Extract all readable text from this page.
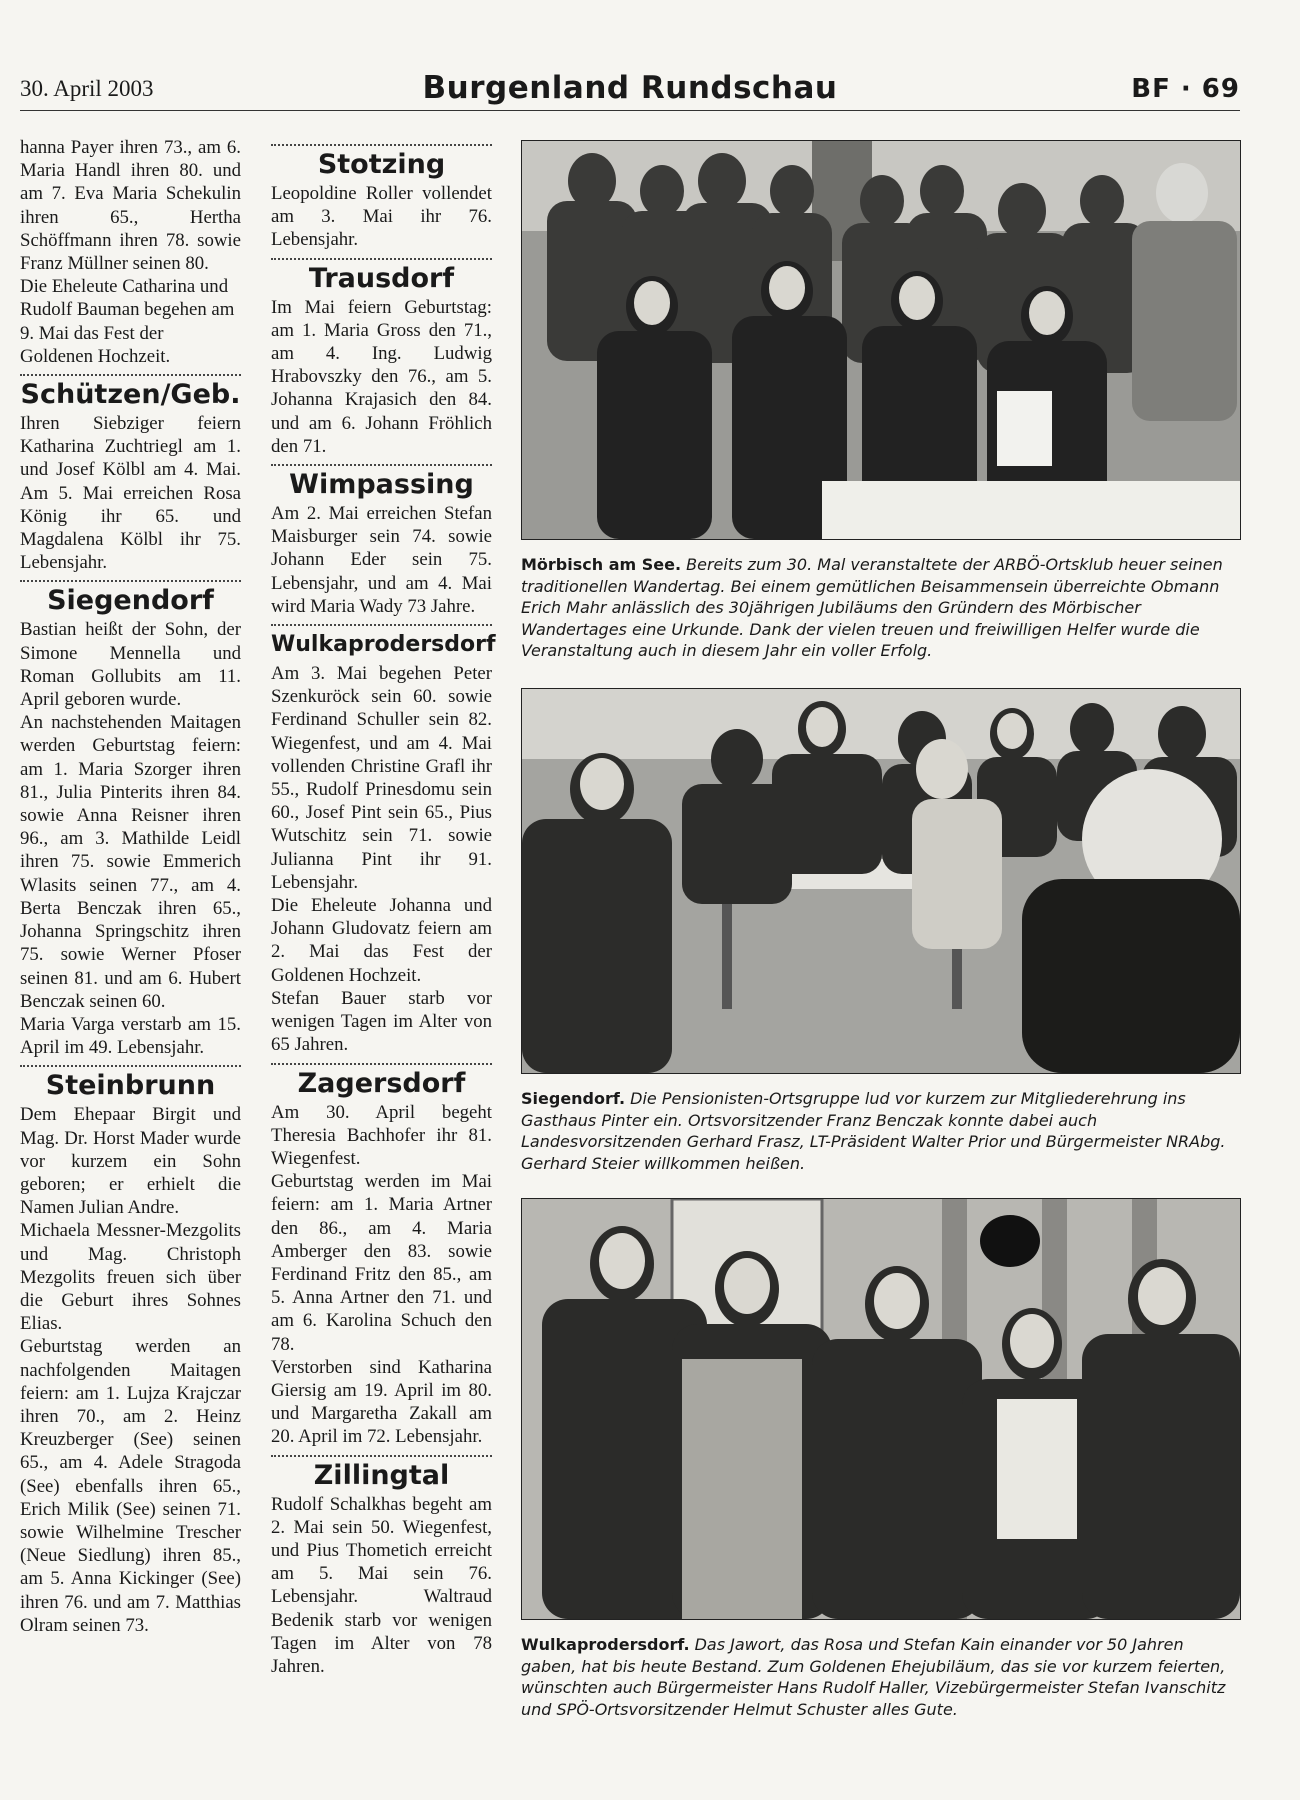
30. April 2003	Burgenland Rundschau	BF · 69

hanna Payer ihren 73., am 6. Maria Handl ihren 80. und am 7. Eva Maria Schekulin ihren 65., Hertha Schöffmann ihren 78. sowie Franz Müllner seinen 80.

Die Eheleute Catharina und Rudolf Bauman begehen am 9. Mai das Fest der Goldenen Hochzeit.

Schützen/Geb.

Ihren Siebziger feiern Katharina Zuchtriegl am 1. und Josef Kölbl am 4. Mai. Am 5. Mai erreichen Rosa König ihr 65. und Magdalena Kölbl ihr 75. Lebensjahr.

Siegendorf

Bastian heißt der Sohn, der Simone Mennella und Roman Gollubits am 11. April geboren wurde.

An nachstehenden Maitagen werden Geburtstag feiern: am 1. Maria Szorger ihren 81., Julia Pinterits ihren 84. sowie Anna Reisner ihren 96., am 3. Mathilde Leidl ihren 75. sowie Emmerich Wlasits seinen 77., am 4. Berta Benczak ihren 65., Johanna Springschitz ihren 75. sowie Werner Pfoser seinen 81. und am 6. Hubert Benczak seinen 60.

Maria Varga verstarb am 15. April im 49. Lebensjahr.

Steinbrunn

Dem Ehepaar Birgit und Mag. Dr. Horst Mader wurde vor kurzem ein Sohn geboren; er erhielt die Namen Julian Andre.

Michaela Messner-Mezgolits und Mag. Christoph Mezgolits freuen sich über die Geburt ihres Sohnes Elias.

Geburtstag werden an nachfolgenden Maitagen feiern: am 1. Lujza Krajczar ihren 70., am 2. Heinz Kreuzberger (See) seinen 65., am 4. Adele Stragoda (See) ebenfalls ihren 65., Erich Milik (See) seinen 71. sowie Wilhelmine Trescher (Neue Siedlung) ihren 85., am 5. Anna Kickinger (See) ihren 76. und am 7. Matthias Olram seinen 73.

Stotzing

Leopoldine Roller vollendet am 3. Mai ihr 76. Lebensjahr.

Trausdorf

Im Mai feiern Geburtstag: am 1. Maria Gross den 71., am 4. Ing. Ludwig Hrabovszky den 76., am 5. Johanna Krajasich den 84. und am 6. Johann Fröhlich den 71.

Wimpassing

Am 2. Mai erreichen Stefan Maisburger sein 74. sowie Johann Eder sein 75. Lebensjahr, und am 4. Mai wird Maria Wady 73 Jahre.

Wulkaprodersdorf

Am 3. Mai begehen Peter Szenkuröck sein 60. sowie Ferdinand Schuller sein 82. Wiegenfest, und am 4. Mai vollenden Christine Grafl ihr 55., Rudolf Prinesdomu sein 60., Josef Pint sein 65., Pius Wutschitz sein 71. sowie Julianna Pint ihr 91. Lebensjahr.

Die Eheleute Johanna und Johann Gludovatz feiern am 2. Mai das Fest der Goldenen Hochzeit.

Stefan Bauer starb vor wenigen Tagen im Alter von 65 Jahren.

Zagersdorf

Am 30. April begeht Theresia Bachhofer ihr 81. Wiegenfest.

Geburtstag werden im Mai feiern: am 1. Maria Artner den 86., am 4. Maria Amberger den 83. sowie Ferdinand Fritz den 85., am 5. Anna Artner den 71. und am 6. Karolina Schuch den 78.

Verstorben sind Katharina Giersig am 19. April im 80. und Margaretha Zakall am 20. April im 72. Lebensjahr.

Zillingtal

Rudolf Schalkhas begeht am 2. Mai sein 50. Wiegenfest, und Pius Thometich erreicht am 5. Mai sein 76. Lebensjahr. Waltraud Bedenik starb vor wenigen Tagen im Alter von 78 Jahren.

Mörbisch am See. Bereits zum 30. Mal veranstaltete der ARBÖ-Ortsklub heuer seinen traditionellen Wandertag. Bei einem gemütlichen Beisammensein überreichte Obmann Erich Mahr anlässlich des 30jährigen Jubiläums den Gründern des Mörbischer Wandertages eine Urkunde. Dank der vielen treuen und freiwilligen Helfer wurde die Veranstaltung auch in diesem Jahr ein voller Erfolg.
Siegendorf. Die Pensionisten-Ortsgruppe lud vor kurzem zur Mitgliederehrung ins Gasthaus Pinter ein. Ortsvorsitzender Franz Benczak konnte dabei auch Landesvorsitzenden Gerhard Frasz, LT-Präsident Walter Prior und Bürgermeister NRAbg. Gerhard Steier willkommen heißen.
Wulkaprodersdorf. Das Jawort, das Rosa und Stefan Kain einander vor 50 Jahren gaben, hat bis heute Bestand. Zum Goldenen Ehejubiläum, das sie vor kurzem feierten, wünschten auch Bürgermeister Hans Rudolf Haller, Vizebürgermeister Stefan Ivanschitz und SPÖ-Ortsvorsitzender Helmut Schuster alles Gute.
